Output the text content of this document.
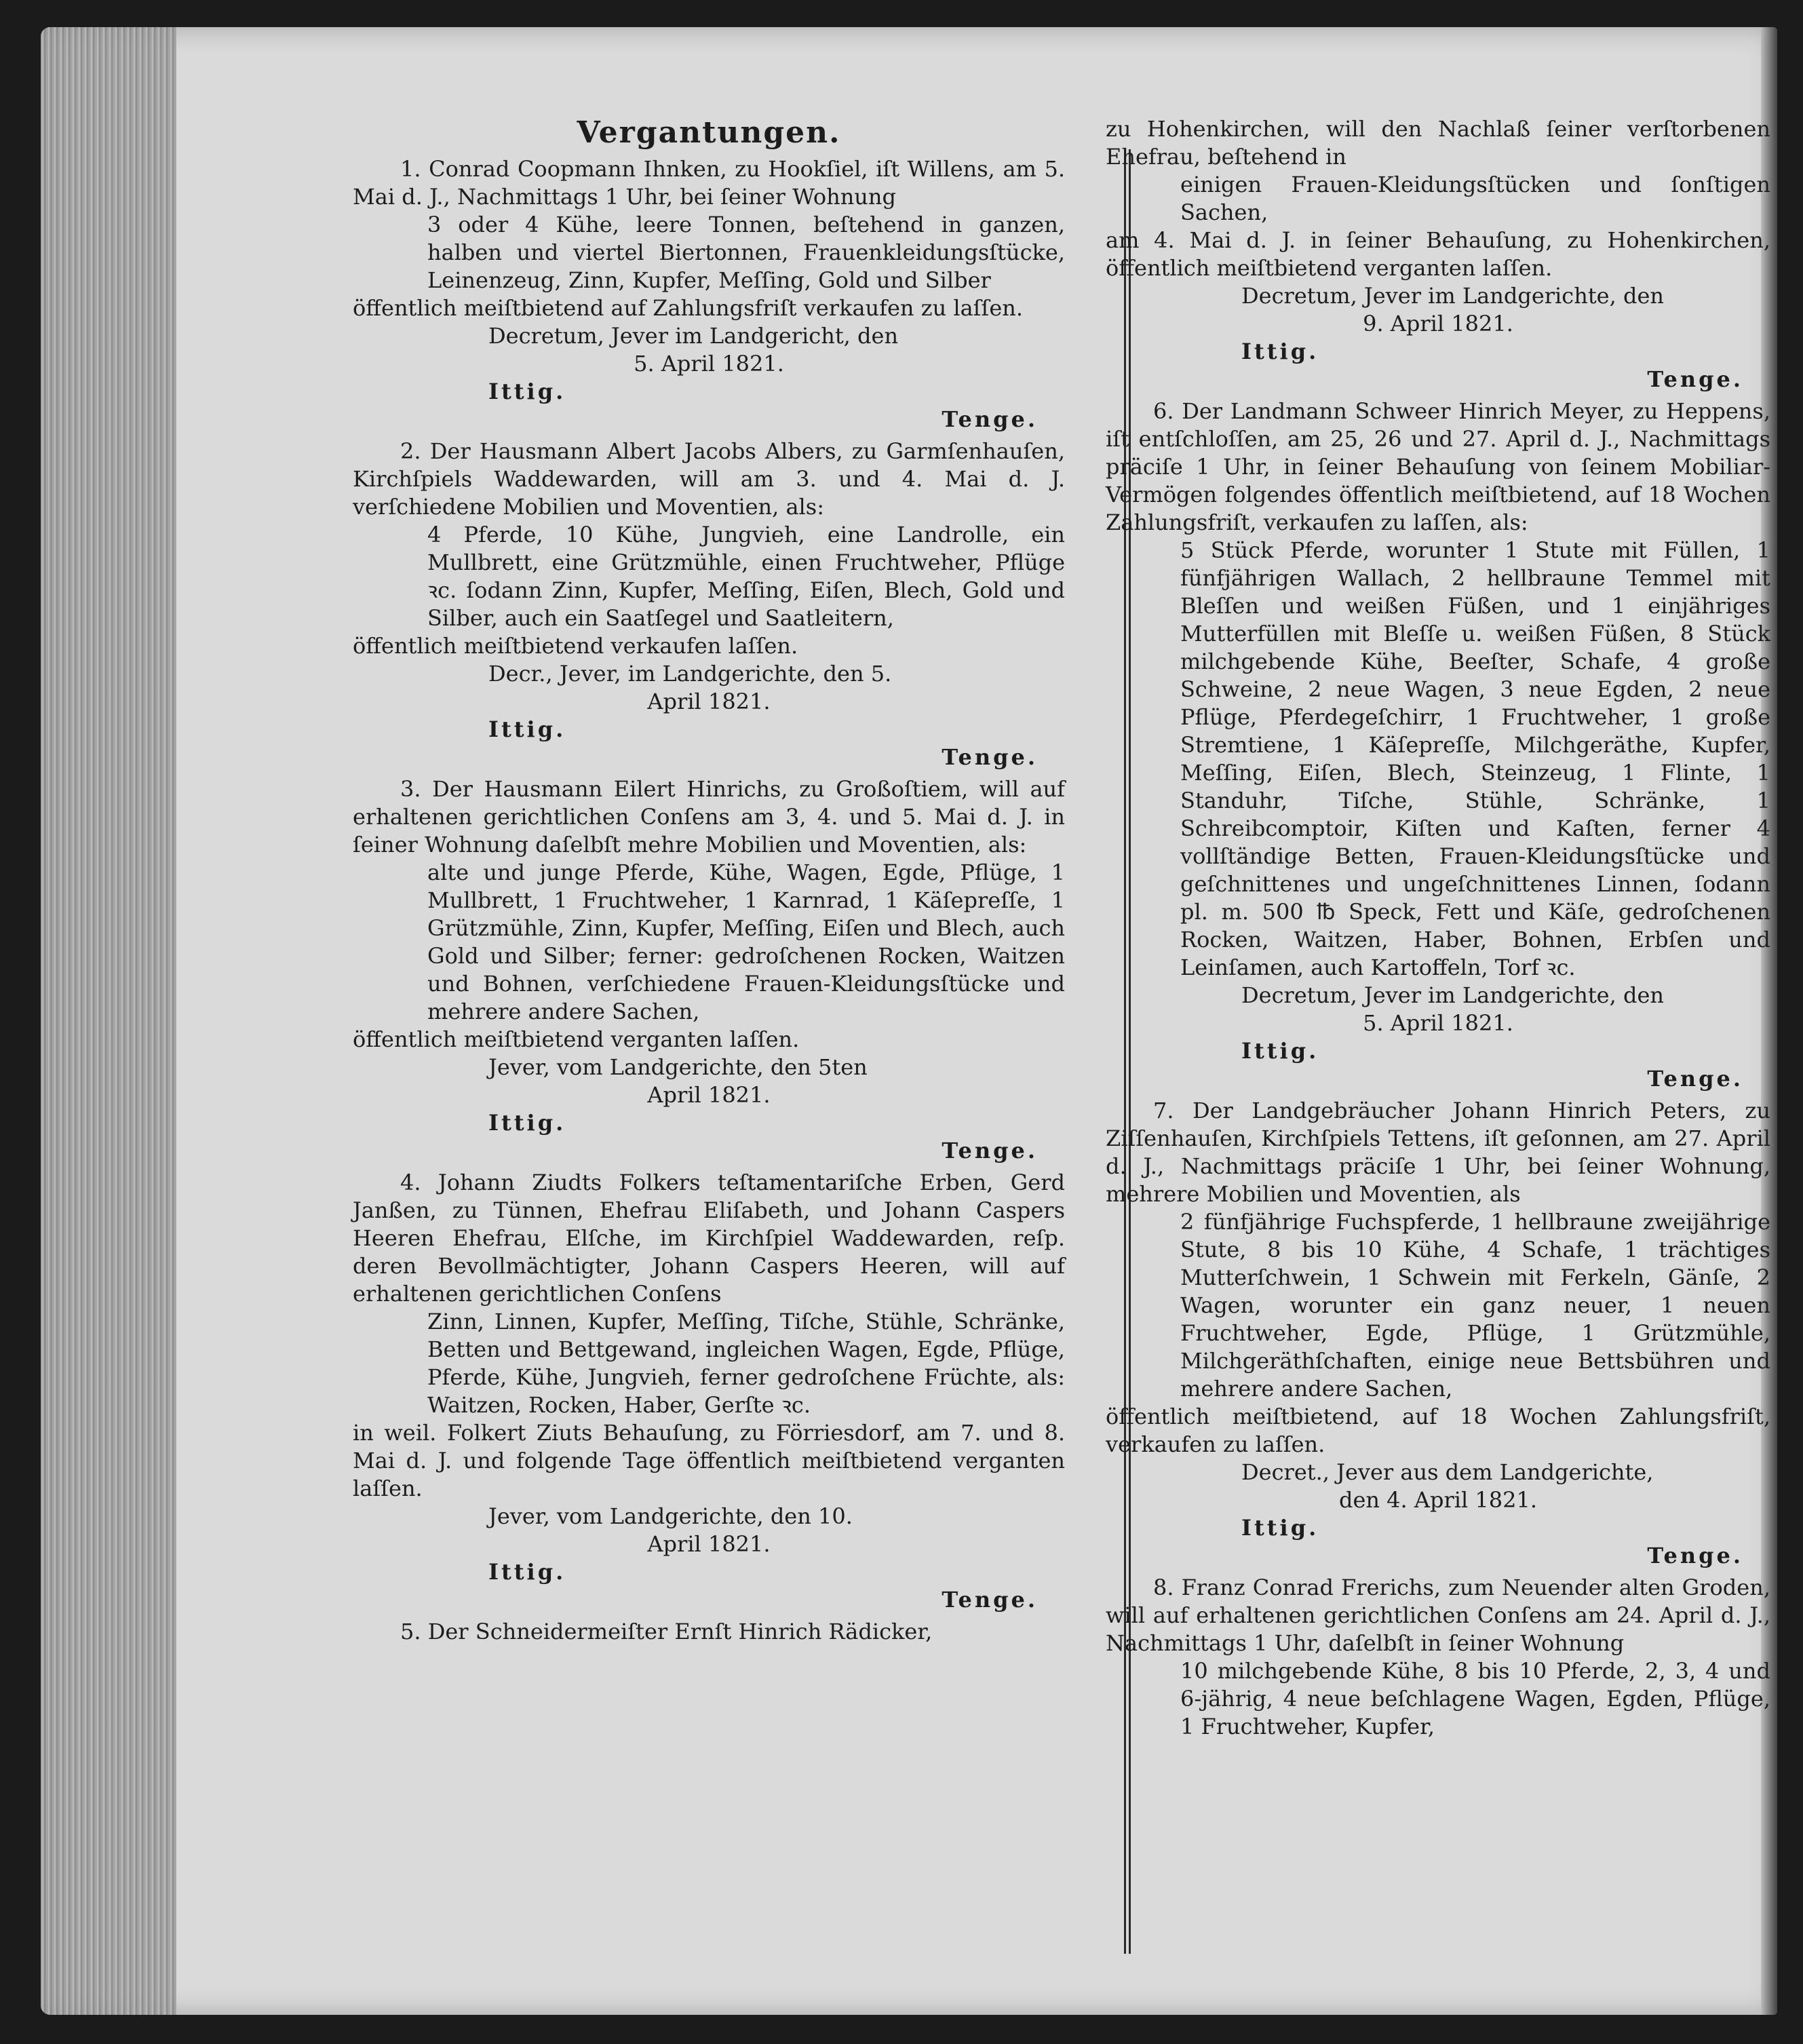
Vergantungen.

1. Conrad Coopmann Ihnken, zu Hookſiel, iſt Willens, am 5. Mai d. J., Nachmittags 1 Uhr, bei ſeiner Wohnung

3 oder 4 Kühe, leere Tonnen, beſtehend in ganzen, halben und viertel Biertonnen, Frauenkleidungsſtücke, Leinenzeug, Zinn, Kupfer, Meſſing, Gold und Silber

öffentlich meiſtbietend auf Zahlungsfriſt verkaufen zu laſſen.

Decretum, Jever im Landgericht, den

5. April 1821.

Ittig.

Tenge.

2. Der Hausmann Albert Jacobs Albers, zu Garmſenhauſen, Kirchſpiels Waddewarden, will am 3. und 4. Mai d. J. verſchiedene Mobilien und Moventien, als:

4 Pferde, 10 Kühe, Jungvieh, eine Landrolle, ein Mullbrett, eine Grützmühle, einen Fruchtweher, Pflüge ꝛc. ſodann Zinn, Kupfer, Meſſing, Eiſen, Blech, Gold und Silber, auch ein Saatſegel und Saatleitern,

öffentlich meiſtbietend verkaufen laſſen.

Decr., Jever, im Landgerichte, den 5.

April 1821.

Ittig.

Tenge.

3. Der Hausmann Eilert Hinrichs, zu Großoſtiem, will auf erhaltenen gerichtlichen Conſens am 3, 4. und 5. Mai d. J. in ſeiner Wohnung daſelbſt mehre Mobilien und Moventien, als:

alte und junge Pferde, Kühe, Wagen, Egde, Pflüge, 1 Mullbrett, 1 Fruchtweher, 1 Karnrad, 1 Käſepreſſe, 1 Grützmühle, Zinn, Kupfer, Meſſing, Eiſen und Blech, auch Gold und Silber; ferner: gedroſchenen Rocken, Waitzen und Bohnen, verſchiedene Frauen-Kleidungsſtücke und mehrere andere Sachen,

öffentlich meiſtbietend verganten laſſen.

Jever, vom Landgerichte, den 5ten

April 1821.

Ittig.

Tenge.

4. Johann Ziudts Folkers teſtamentariſche Erben, Gerd Janßen, zu Tünnen, Ehefrau Eliſabeth, und Johann Caspers Heeren Ehefrau, Elſche, im Kirchſpiel Waddewarden, reſp. deren Bevollmächtigter, Johann Caspers Heeren, will auf erhaltenen gerichtlichen Conſens

Zinn, Linnen, Kupfer, Meſſing, Tiſche, Stühle, Schränke, Betten und Bettgewand, ingleichen Wagen, Egde, Pflüge, Pferde, Kühe, Jungvieh, ferner gedroſchene Früchte, als: Waitzen, Rocken, Haber, Gerſte ꝛc.

in weil. Folkert Ziuts Behauſung, zu Förriesdorf, am 7. und 8. Mai d. J. und folgende Tage öffentlich meiſtbietend verganten laſſen.

Jever, vom Landgerichte, den 10.

April 1821.

Ittig.

Tenge.

5. Der Schneidermeiſter Ernſt Hinrich Rädicker,

zu Hohenkirchen, will den Nachlaß ſeiner verſtorbenen Ehefrau, beſtehend in

einigen Frauen-Kleidungsſtücken und ſonſtigen Sachen,

am 4. Mai d. J. in ſeiner Behauſung, zu Hohenkirchen, öffentlich meiſtbietend verganten laſſen.

Decretum, Jever im Landgerichte, den

9. April 1821.

Ittig.

Tenge.

6. Der Landmann Schweer Hinrich Meyer, zu Heppens, iſt entſchloſſen, am 25, 26 und 27. April d. J., Nachmittags präciſe 1 Uhr, in ſeiner Behauſung von ſeinem Mobiliar-Vermögen folgendes öffentlich meiſtbietend, auf 18 Wochen Zahlungsfriſt, verkaufen zu laſſen, als:

5 Stück Pferde, worunter 1 Stute mit Füllen, 1 fünfjährigen Wallach, 2 hellbraune Temmel mit Bleſſen und weißen Füßen, und 1 einjähriges Mutterfüllen mit Bleſſe u. weißen Füßen, 8 Stück milchgebende Kühe, Beeſter, Schafe, 4 große Schweine, 2 neue Wagen, 3 neue Egden, 2 neue Pflüge, Pferdegeſchirr, 1 Fruchtweher, 1 große Stremtiene, 1 Käſepreſſe, Milchgeräthe, Kupfer, Meſſing, Eiſen, Blech, Steinzeug, 1 Flinte, 1 Standuhr, Tiſche, Stühle, Schränke, 1 Schreibcomptoir, Kiſten und Kaſten, ferner 4 vollſtändige Betten, Frauen-Kleidungsſtücke und geſchnittenes und ungeſchnittenes Linnen, ſodann pl. m. 500 ℔ Speck, Fett und Käſe, gedroſchenen Rocken, Waitzen, Haber, Bohnen, Erbſen und Leinſamen, auch Kartoffeln, Torf ꝛc.

Decretum, Jever im Landgerichte, den

5. April 1821.

Ittig.

Tenge.

7. Der Landgebräucher Johann Hinrich Peters, zu Ziſſenhauſen, Kirchſpiels Tettens, iſt geſonnen, am 27. April d. J., Nachmittags präciſe 1 Uhr, bei ſeiner Wohnung, mehrere Mobilien und Moventien, als

2 fünfjährige Fuchspferde, 1 hellbraune zweijährige Stute, 8 bis 10 Kühe, 4 Schafe, 1 trächtiges Mutterſchwein, 1 Schwein mit Ferkeln, Gänſe, 2 Wagen, worunter ein ganz neuer, 1 neuen Fruchtweher, Egde, Pflüge, 1 Grützmühle, Milchgeräthſchaften, einige neue Bettsbühren und mehrere andere Sachen,

öffentlich meiſtbietend, auf 18 Wochen Zahlungsfriſt, verkaufen zu laſſen.

Decret., Jever aus dem Landgerichte,

den 4. April 1821.

Ittig.

Tenge.

8. Franz Conrad Frerichs, zum Neuender alten Groden, will auf erhaltenen gerichtlichen Conſens am 24. April d. J., Nachmittags 1 Uhr, daſelbſt in ſeiner Wohnung

10 milchgebende Kühe, 8 bis 10 Pferde, 2, 3, 4 und 6-jährig, 4 neue beſchlagene Wagen, Egden, Pflüge, 1 Fruchtweher, Kupfer,
